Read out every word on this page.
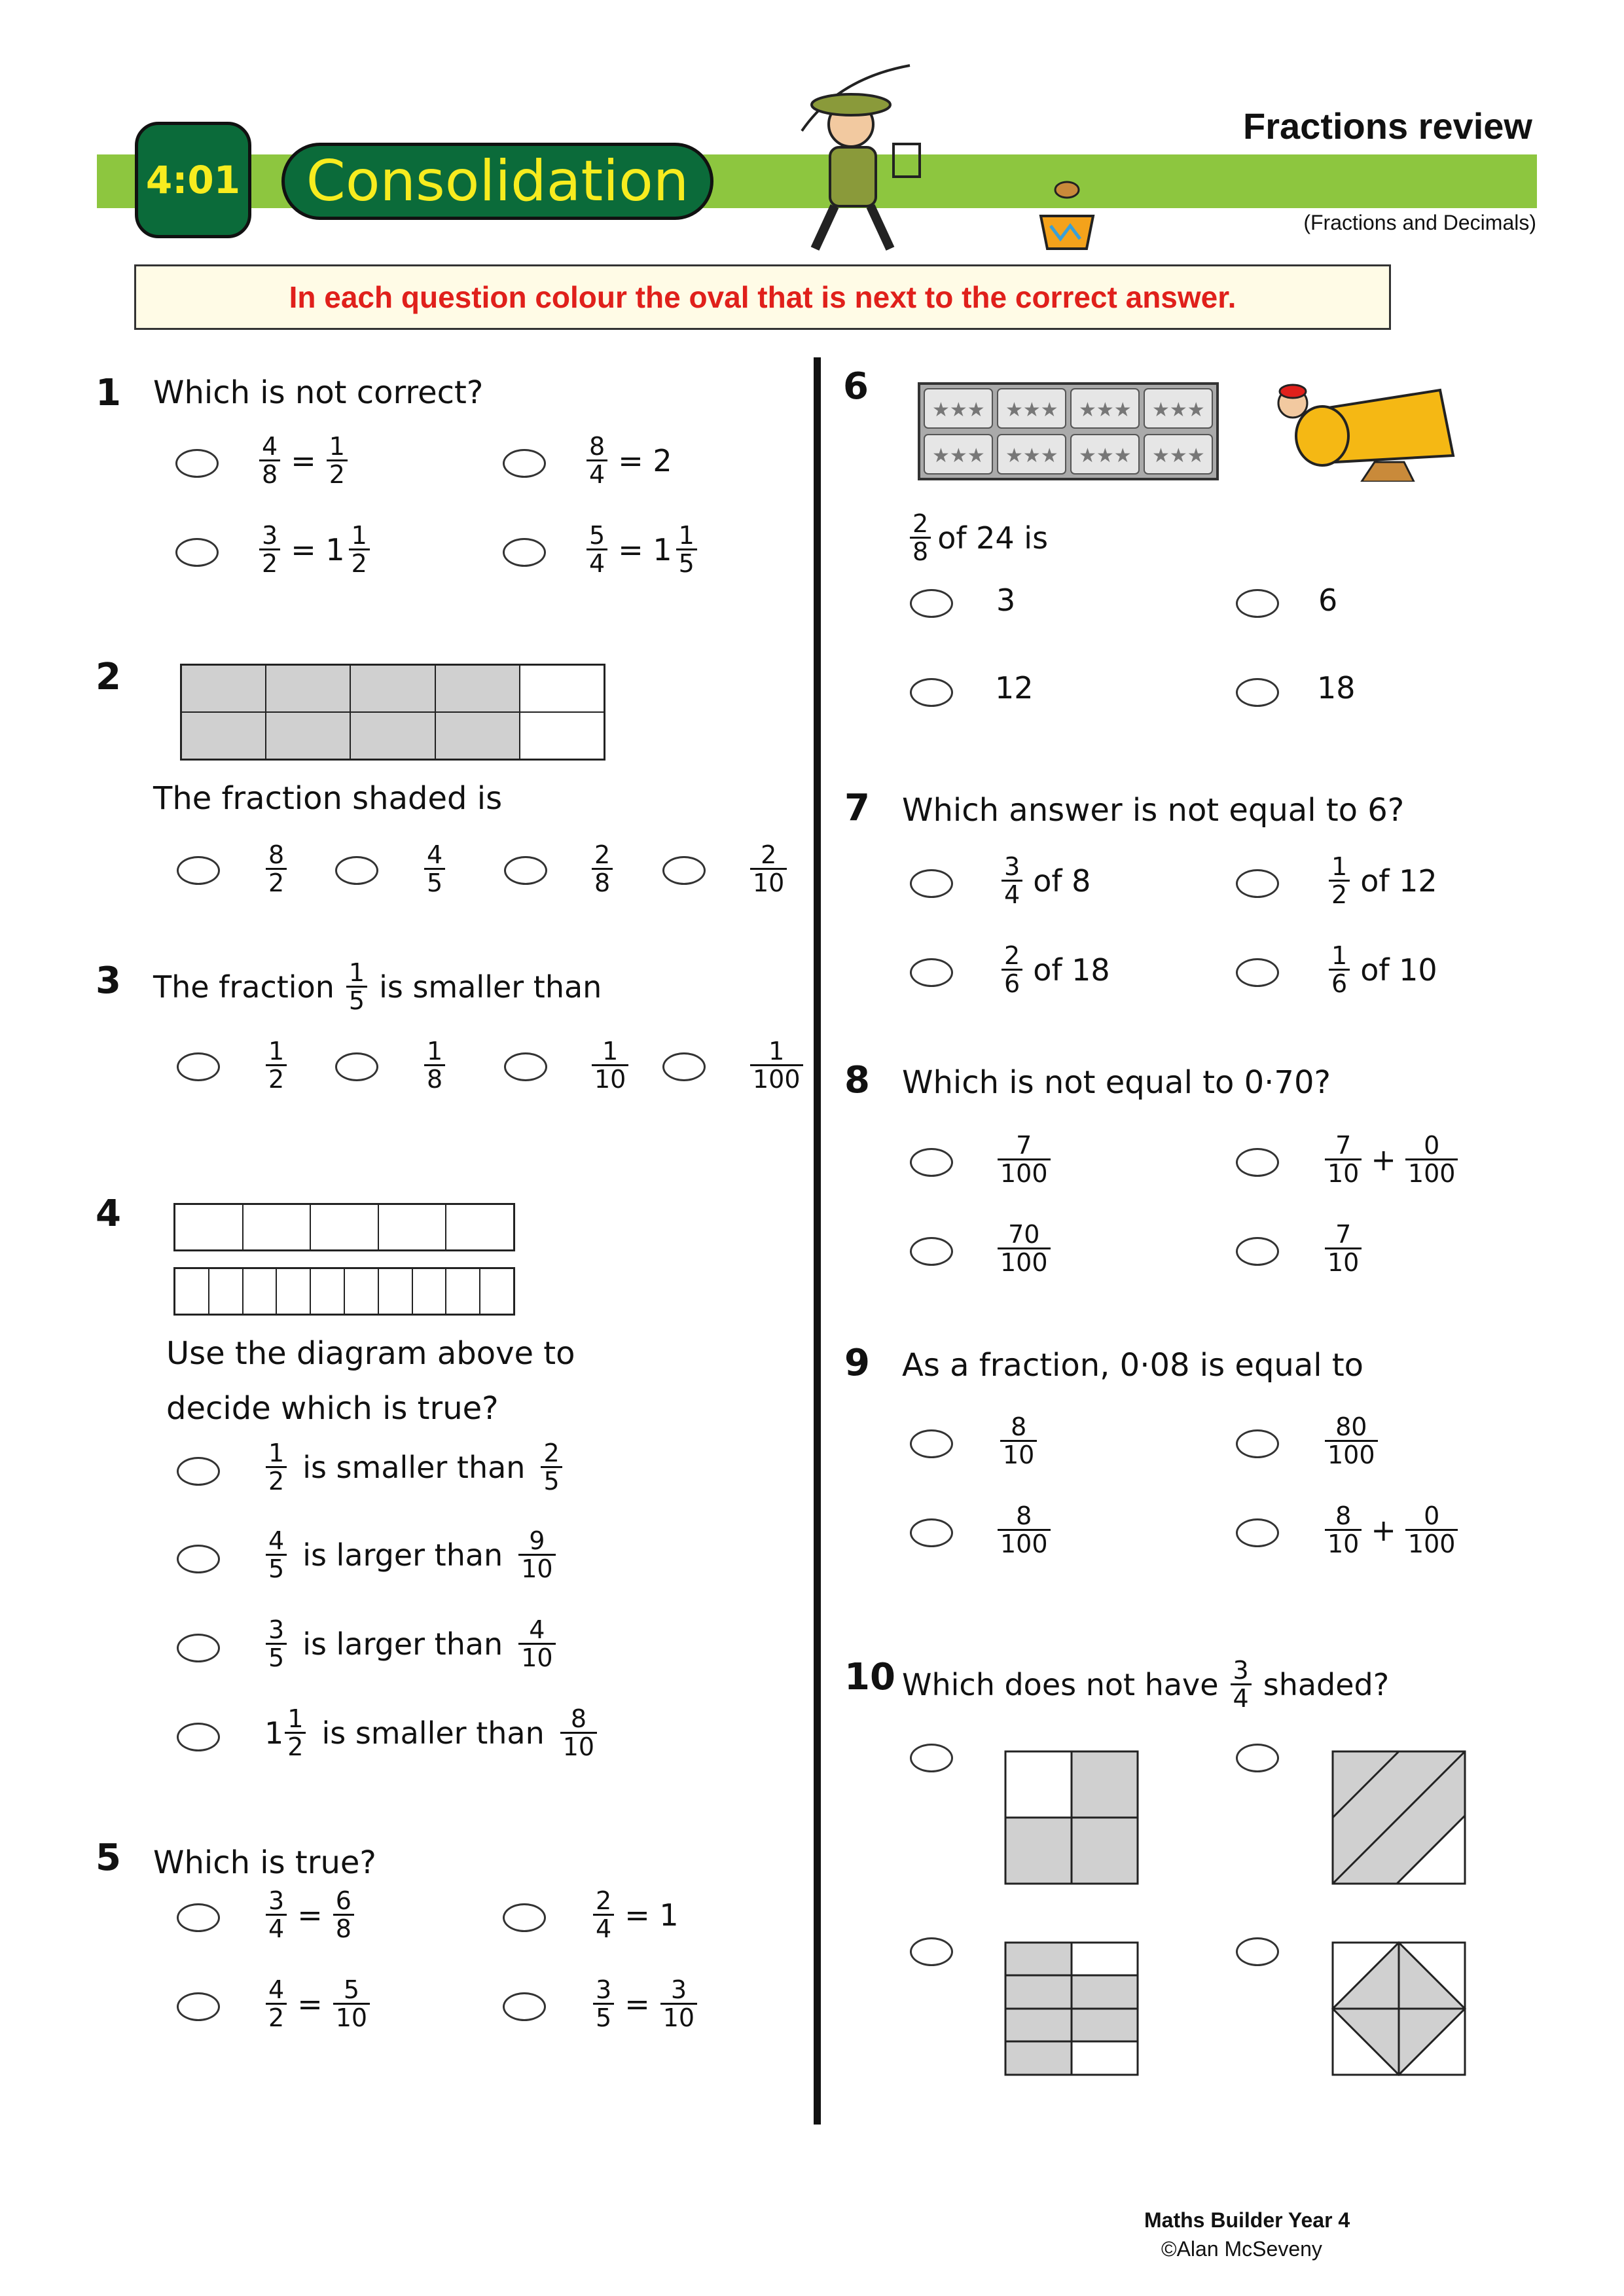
4:01 Consolidation
Fractions review
(Fractions and Decimals)
In each question colour the oval that is next to the correct answer.
1 Which is not correct?
$\frac{4}{8} = \frac{1}{2}$	$\frac{8}{4} = 2$
$\frac{3}{2} = 1 \frac{1}{2}$	$\frac{5}{4} = 1 \frac{1}{5}$
2
The fraction shaded is
$\frac{8}{2}$	$\frac{4}{5}$	$\frac{2}{8}$	$\frac{2}{10}$
3 The fraction $\frac{1}{5}$ is smaller than
$\frac{1}{2}$	$\frac{1}{8}$	$\frac{1}{10}$	$\frac{1}{100}$
4
Use the diagram above to
decide which is true?
$\frac{1}{2}$ is smaller than $\frac{2}{5}$
$\frac{4}{5}$ is larger than $\frac{9}{10}$
$\frac{3}{5}$ is larger than $\frac{4}{10}$
$1 \frac{1}{2}$ is smaller than $\frac{8}{10}$
5 Which is true?
$\frac{3}{4} = \frac{6}{8}$	$\frac{2}{4} = 1$
$\frac{4}{2} = \frac{5}{10}$	$\frac{3}{5} = \frac{3}{10}$
6
★★★ ★★★ ★★★ ★★★
★★★ ★★★ ★★★ ★★★
$\frac{2}{8}$ of 24 is
3	6
12	18
7 Which answer is not equal to 6?
$\frac{3}{4}$ of 8	$\frac{1}{2}$ of 12
$\frac{2}{6}$ of 18	$\frac{1}{6}$ of 10
8 Which is not equal to 0·70?
$\frac{7}{100}$	$\frac{7}{10} + \frac{0}{100}$
$\frac{70}{100}$	$\frac{7}{10}$
9 As a fraction, 0·08 is equal to
$\frac{8}{10}$	$\frac{80}{100}$
$\frac{8}{100}$	$\frac{8}{10} + \frac{0}{100}$
10 Which does not have $\frac{3}{4}$ shaded?
Maths Builder Year 4
©Alan McSeveny
